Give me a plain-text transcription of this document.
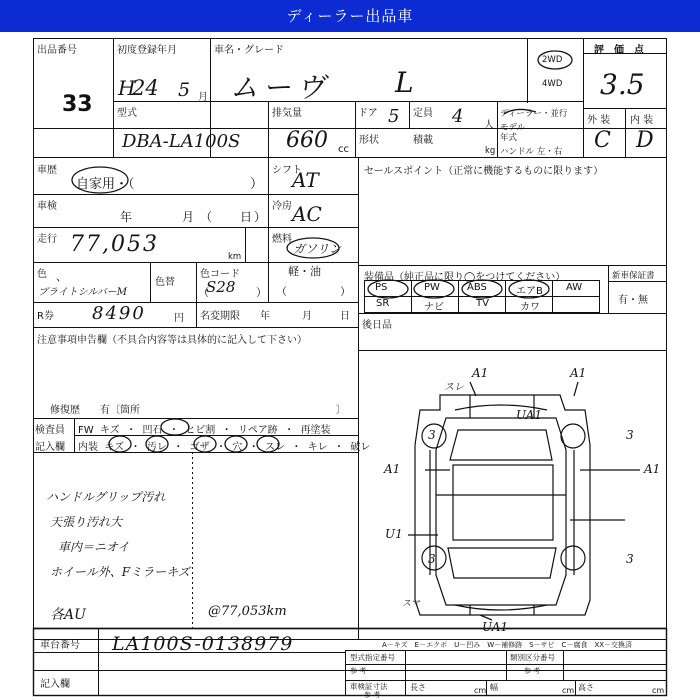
ディーラー出品車
出品番号
33
初度登録年月
H
24 5 月
車名・グレード
ムーヴ L
2WD
4WD
評　価　点
3.5
型式
DBA-LA100S
排気量
660 cc
ドア 5 定員 4 人
形状	積載
kg
ディーラー・並行
モデル
年式
ハンドル 左・右
外 装 内 装
C D
車歴
自家用・（	）
シフト
AT
車検
年	月	日
（	）
冷房 AC
走行 77,053	km
燃料
ガソリン
軽・油
（	）
色 、
ブライトシルバーM
色替
色コード
S28
（	）
R券 8490	円 名変期限 年	月	日
セールスポイント（正常に機能するものに限ります）
装備品（純正品に限り◯をつけてください）
PS	PW	ABS	エアB AW
SR	ナビ	TV	カワ
新車保証書
有・無
後日品
注意事項申告欄（不具合内容等は具体的に記入して下さい）
修復歴　　有〔箇所	〕
検査員
記入欄
FW キズ ・ 凹石 ・ ヒビ割 ・ リペア跡 ・ 再塗装
内装 キズ ・ 汚レ ・ ゴザ ・ 穴 ・ スレ ・ キレ ・ 破レ
ハンドルグリップ汚れ
天張り汚れ大
車内＝ニオイ
ホイール外、Fミラーキズ
各AU	@77,053km
A1	A1
スレ
UA1
3	3
A1	A1
U1
3	3
UA1
スマ
A－キズ　E－エクボ　U－凹み　W－補修跡　S－サビ　C－腐食　XX－交換済
車台番号 LA100S-0138979
記入欄
型式指定番号	類別区分番号
参 考	参 考
車検証寸法
参 考
長さ	cm 幅	cm 高さ	cm
